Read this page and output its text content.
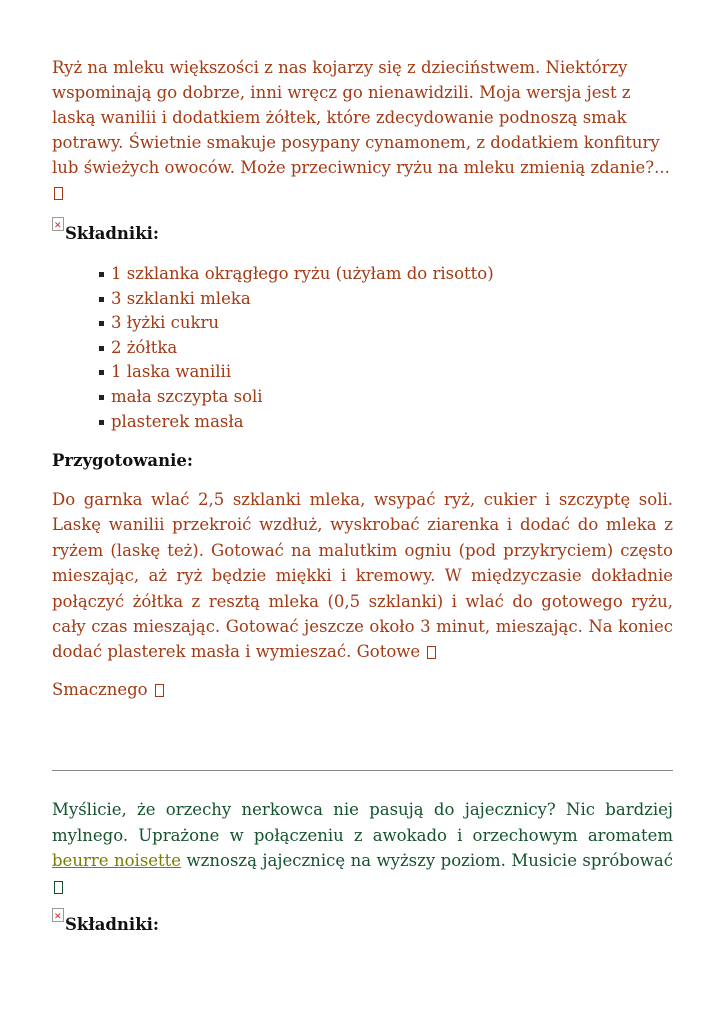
Ryż na mleku większości z nas kojarzy się z dzieciństwem. Niektórzy wspominają go dobrze, inni wręcz go nienawidzili. Moja wersja jest z laską wanilii i dodatkiem żółtek, które zdecydowanie podnoszą smak potrawy. Świetnie smakuje posypany cynamonem, z dodatkiem konfitury lub świeżych owoców. Może przeciwnicy ryżu na mleku zmienią zdanie?...

✕Składniki:
1 szklanka okrągłego ryżu (użyłam do risotto)
3 szklanki mleka
3 łyżki cukru
2 żółtka
1 laska wanilii
mała szczypta soli
plasterek masła
Przygotowanie:

Do garnka wlać 2,5 szklanki mleka, wsypać ryż, cukier i szczyptę soli. Laskę wanilii przekroić wzdłuż, wyskrobać ziarenka i dodać do mleka z ryżem (laskę też). Gotować na malutkim ogniu (pod przykryciem) często mieszając, aż ryż będzie miękki i kremowy. W międzyczasie dokładnie połączyć żółtka z resztą mleka (0,5 szklanki) i wlać do gotowego ryżu, cały czas mieszając. Gotować jeszcze około 3 minut, mieszając. Na koniec dodać plasterek masła i wymieszać. Gotowe

Smacznego

Myślicie, że orzechy nerkowca nie pasują do jajecznicy? Nic bardziej mylnego. Uprażone w połączeniu z awokado i orzechowym aromatem beurre noisette wznoszą jajecznicę na wyższy poziom. Musicie spróbować

✕Składniki:
